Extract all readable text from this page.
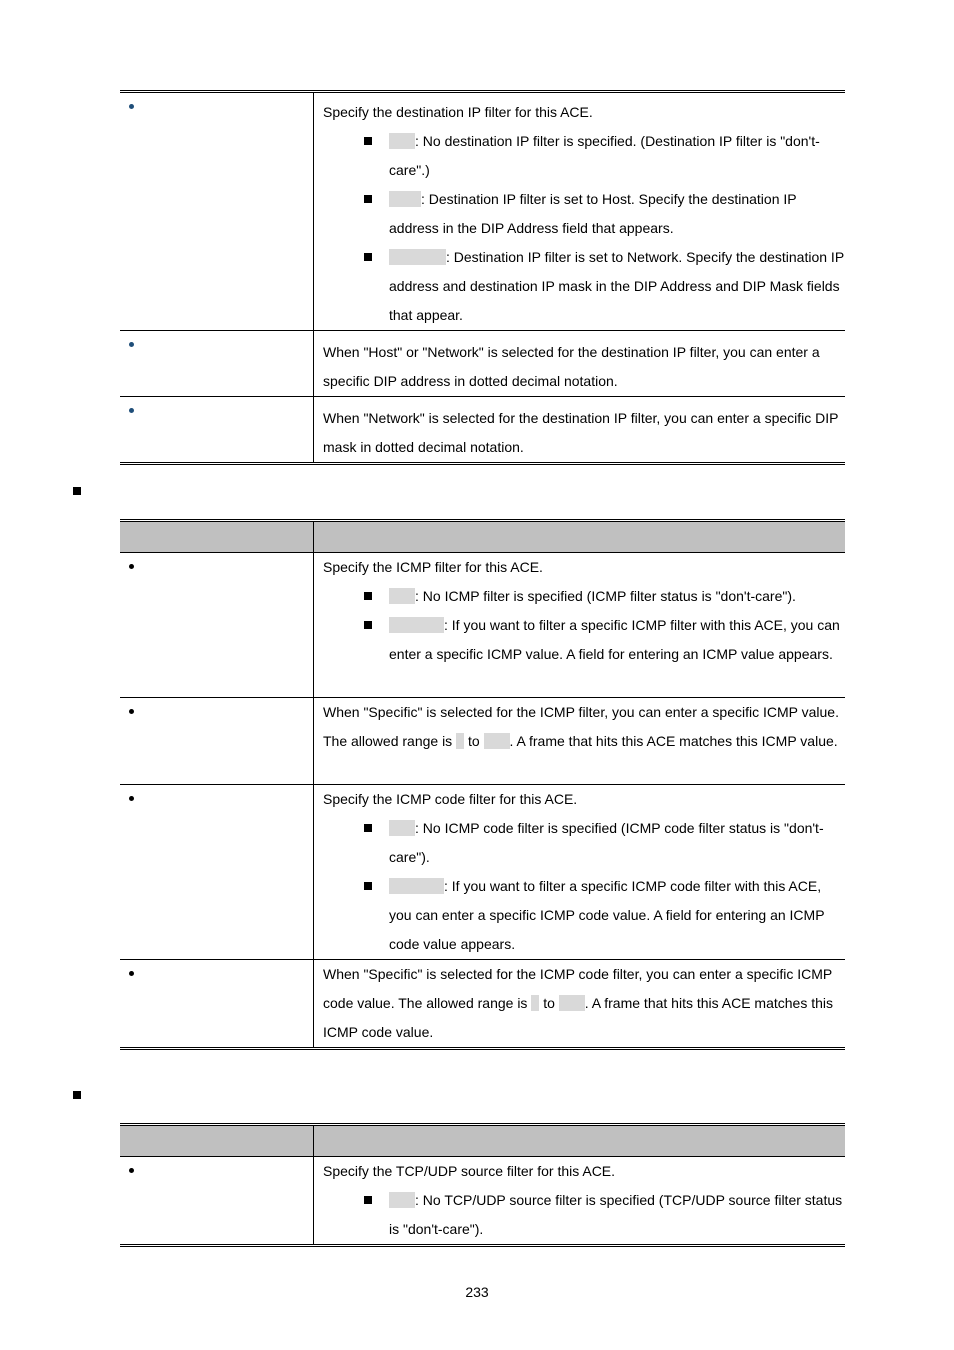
	Specify the destination IP filter for this ACE.

: No destination IP filter is specified. (Destination IP filter is "don't-care".)
: Destination IP filter is set to Host. Specify the destination IP address in the DIP Address field that appears.
: Destination IP filter is set to Network. Specify the destination IP address and destination IP mask in the DIP Address and DIP Mask fields that appear.

	When "Host" or "Network" is selected for the destination IP filter, you can enter a specific DIP address in dotted decimal notation.

	When "Network" is selected for the destination IP filter, you can enter a specific DIP mask in dotted decimal notation.

	Specify the ICMP filter for this ACE.

: No ICMP filter is specified (ICMP filter status is "don't-care").
: If you want to filter a specific ICMP filter with this ACE, you can enter a specific ICMP value. A field for entering an ICMP value appears.

	When "Specific" is selected for the ICMP filter, you can enter a specific ICMP value. The allowed range is  to . A frame that hits this ACE matches this ICMP value.

	Specify the ICMP code filter for this ACE.

: No ICMP code filter is specified (ICMP code filter status is "don't-care").
: If you want to filter a specific ICMP code filter with this ACE, you can enter a specific ICMP code value. A field for entering an ICMP code value appears.

	When "Specific" is selected for the ICMP code filter, you can enter a specific ICMP code value. The allowed range is  to . A frame that hits this ACE matches this ICMP code value.

	Specify the TCP/UDP source filter for this ACE.

: No TCP/UDP source filter is specified (TCP/UDP source filter status is "don't-care").
233
